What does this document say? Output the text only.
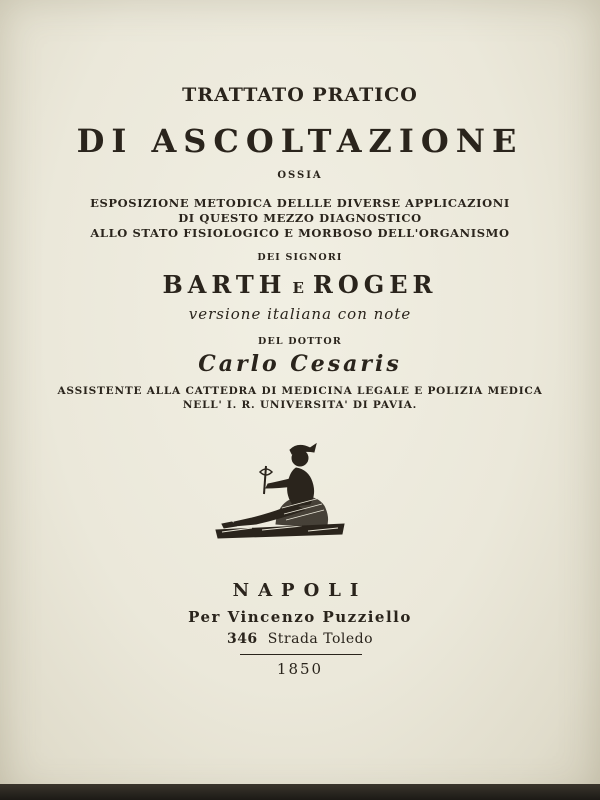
TRATTATO PRATICO
DI ASCOLTAZIONE
OSSIA
ESPOSIZIONE METODICA DELLLE DIVERSE APPLICAZIONI
DI QUESTO MEZZO DIAGNOSTICO
ALLO STATO FISIOLOGICO E MORBOSO DELL'ORGANISMO
DEI SIGNORI
BARTH E ROGER
versione italiana con note
DEL DOTTOR
Carlo Cesaris
ASSISTENTE ALLA CATTEDRA DI MEDICINA LEGALE E POLIZIA MEDICA
NELL' I. R. UNIVERSITA' DI PAVIA.
NAPOLI
Per Vincenzo Puzziello
346 Strada Toledo
1850
